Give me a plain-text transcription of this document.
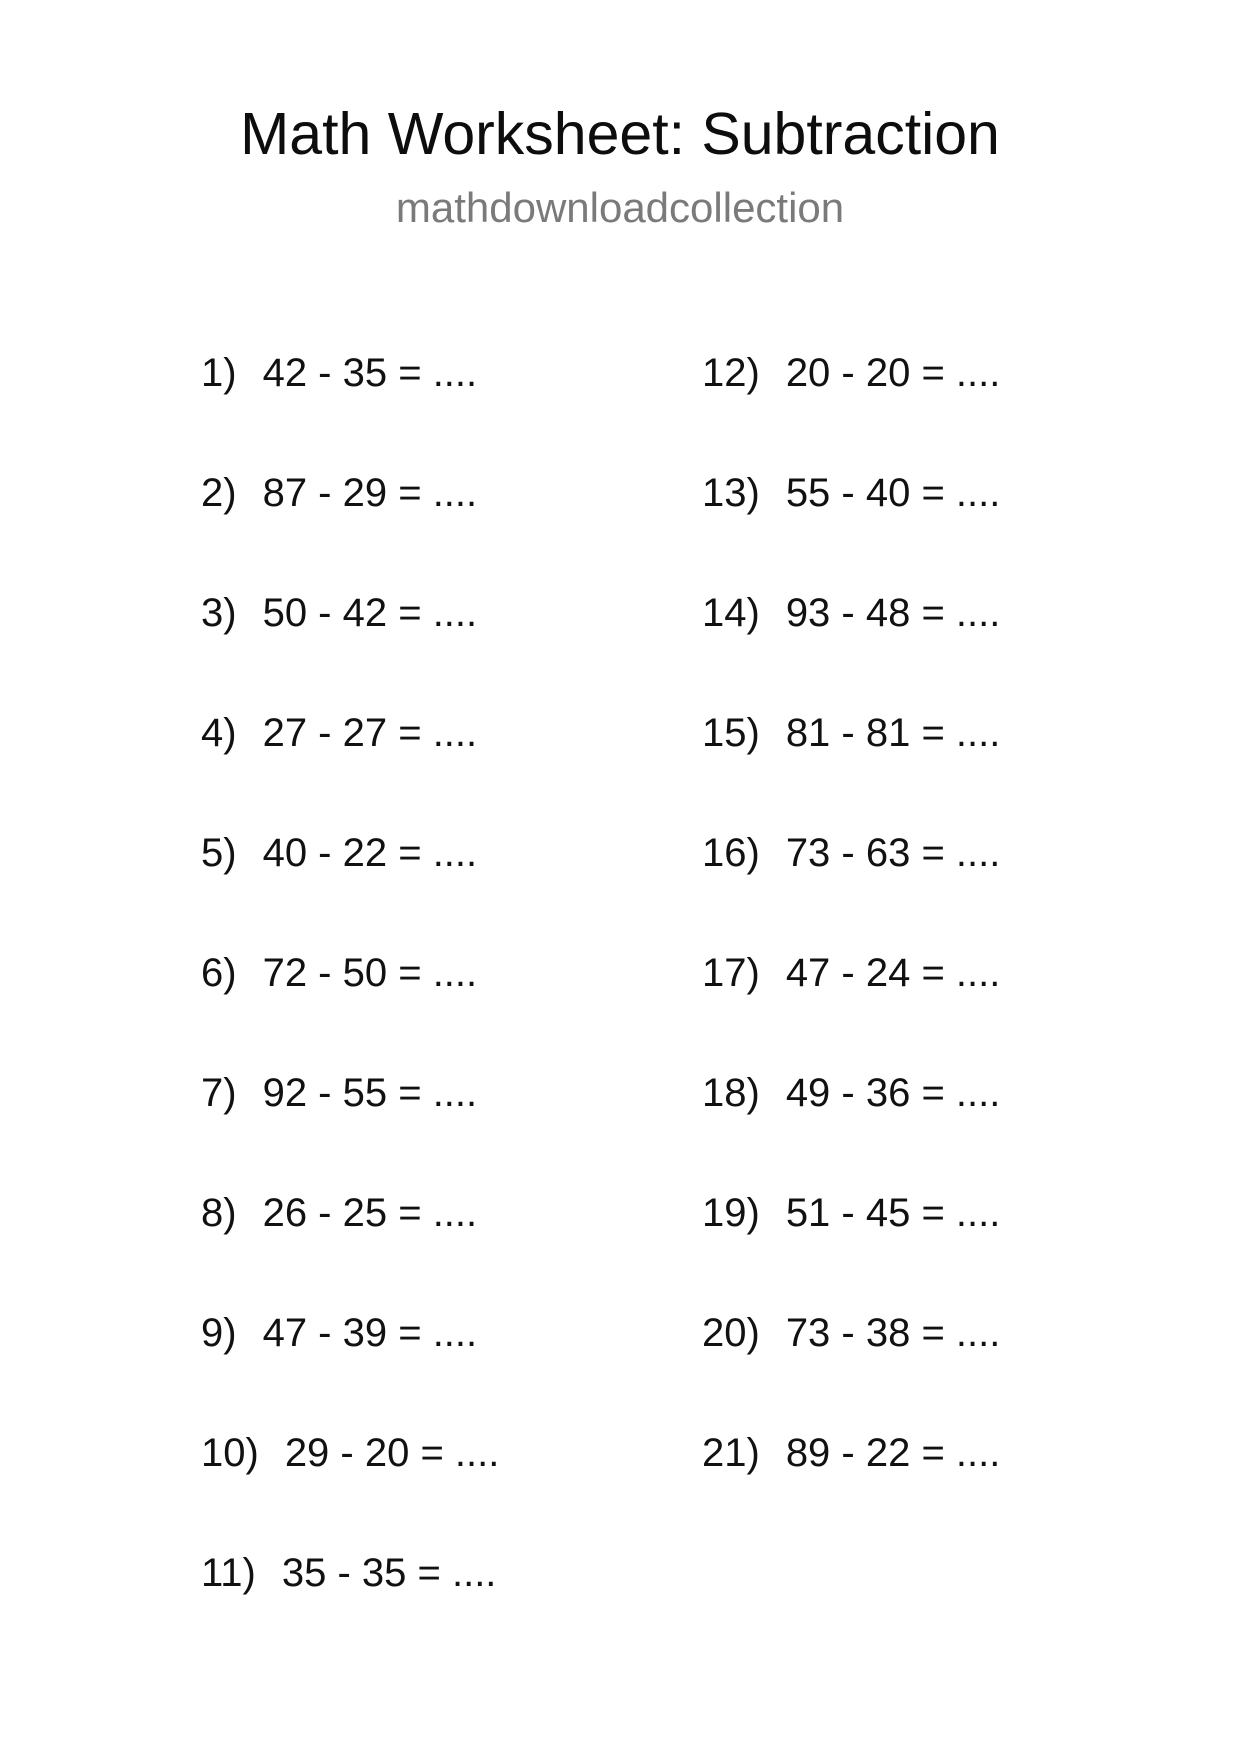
Math Worksheet: Subtraction
mathdownloadcollection
1) 42 - 35 = ....
2) 87 - 29 = ....
3) 50 - 42 = ....
4) 27 - 27 = ....
5) 40 - 22 = ....
6) 72 - 50 = ....
7) 92 - 55 = ....
8) 26 - 25 = ....
9) 47 - 39 = ....
10) 29 - 20 = ....
11) 35 - 35 = ....
12) 20 - 20 = ....
13) 55 - 40 = ....
14) 93 - 48 = ....
15) 81 - 81 = ....
16) 73 - 63 = ....
17) 47 - 24 = ....
18) 49 - 36 = ....
19) 51 - 45 = ....
20) 73 - 38 = ....
21) 89 - 22 = ....
